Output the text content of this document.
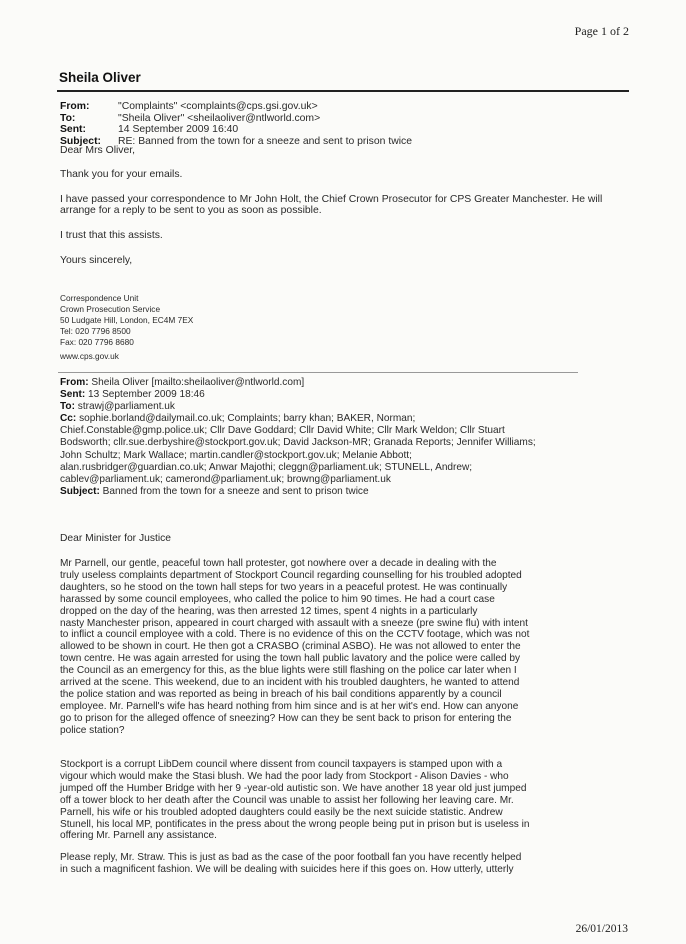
Page 1 of 2
Sheila Oliver
From:	"Complaints" <complaints@cps.gsi.gov.uk>
To:	"Sheila Oliver" <sheilaoliver@ntlworld.com>
Sent:	14 September 2009 16:40
Subject:	RE: Banned from the town for a sneeze and sent to prison twice

Dear Mrs Oliver,

Thank you for your emails.

I have passed your correspondence to Mr John Holt, the Chief Crown Prosecutor for CPS Greater Manchester. He will arrange for a reply to be sent to you as soon as possible.

I trust that this assists.

Yours sincerely,

Correspondence Unit
Crown Prosecution Service
50 Ludgate Hill, London, EC4M 7EX
Tel: 020 7796 8500
Fax: 020 7796 8680
www.cps.gov.uk
From: Sheila Oliver [mailto:sheilaoliver@ntlworld.com]
Sent: 13 September 2009 18:46
To: strawj@parliament.uk
Cc: sophie.borland@dailymail.co.uk; Complaints; barry khan; BAKER, Norman;
Chief.Constable@gmp.police.uk; Cllr Dave Goddard; Cllr David White; Cllr Mark Weldon; Cllr Stuart
Bodsworth; cllr.sue.derbyshire@stockport.gov.uk; David Jackson-MR; Granada Reports; Jennifer Williams;
John Schultz; Mark Wallace; martin.candler@stockport.gov.uk; Melanie Abbott;
alan.rusbridger@guardian.co.uk; Anwar Majothi; cleggn@parliament.uk; STUNELL, Andrew;
cablev@parliament.uk; camerond@parliament.uk; browng@parliament.uk
Subject: Banned from the town for a sneeze and sent to prison twice
Dear Minister for Justice
Mr Parnell, our gentle, peaceful town hall protester, got nowhere over a decade in dealing with the
truly useless complaints department of Stockport Council regarding counselling for his troubled adopted
daughters, so he stood on the town hall steps for two years in a peaceful protest. He was continually
harassed by some council employees, who called the police to him 90 times. He had a court case
dropped on the day of the hearing, was then arrested 12 times, spent 4 nights in a particularly
nasty Manchester prison, appeared in court charged with assault with a sneeze (pre swine flu) with intent
to inflict a council employee with a cold. There is no evidence of this on the CCTV footage, which was not
allowed to be shown in court. He then got a CRASBO (criminal ASBO). He was not allowed to enter the
town centre. He was again arrested for using the town hall public lavatory and the police were called by
the Council as an emergency for this, as the blue lights were still flashing on the police car later when I
arrived at the scene. This weekend, due to an incident with his troubled daughters, he wanted to attend
the police station and was reported as being in breach of his bail conditions apparently by a council
employee. Mr. Parnell's wife has heard nothing from him since and is at her wit's end. How can anyone
go to prison for the alleged offence of sneezing? How can they be sent back to prison for entering the
police station?
Stockport is a corrupt LibDem council where dissent from council taxpayers is stamped upon with a
vigour which would make the Stasi blush. We had the poor lady from Stockport - Alison Davies - who
jumped off the Humber Bridge with her 9 -year-old autistic son. We have another 18 year old just jumped
off a tower block to her death after the Council was unable to assist her following her leaving care. Mr.
Parnell, his wife or his troubled adopted daughters could easily be the next suicide statistic. Andrew
Stunell, his local MP, pontificates in the press about the wrong people being put in prison but is useless in
offering Mr. Parnell any assistance.
Please reply, Mr. Straw. This is just as bad as the case of the poor football fan you have recently helped
in such a magnificent fashion. We will be dealing with suicides here if this goes on. How utterly, utterly
26/01/2013
